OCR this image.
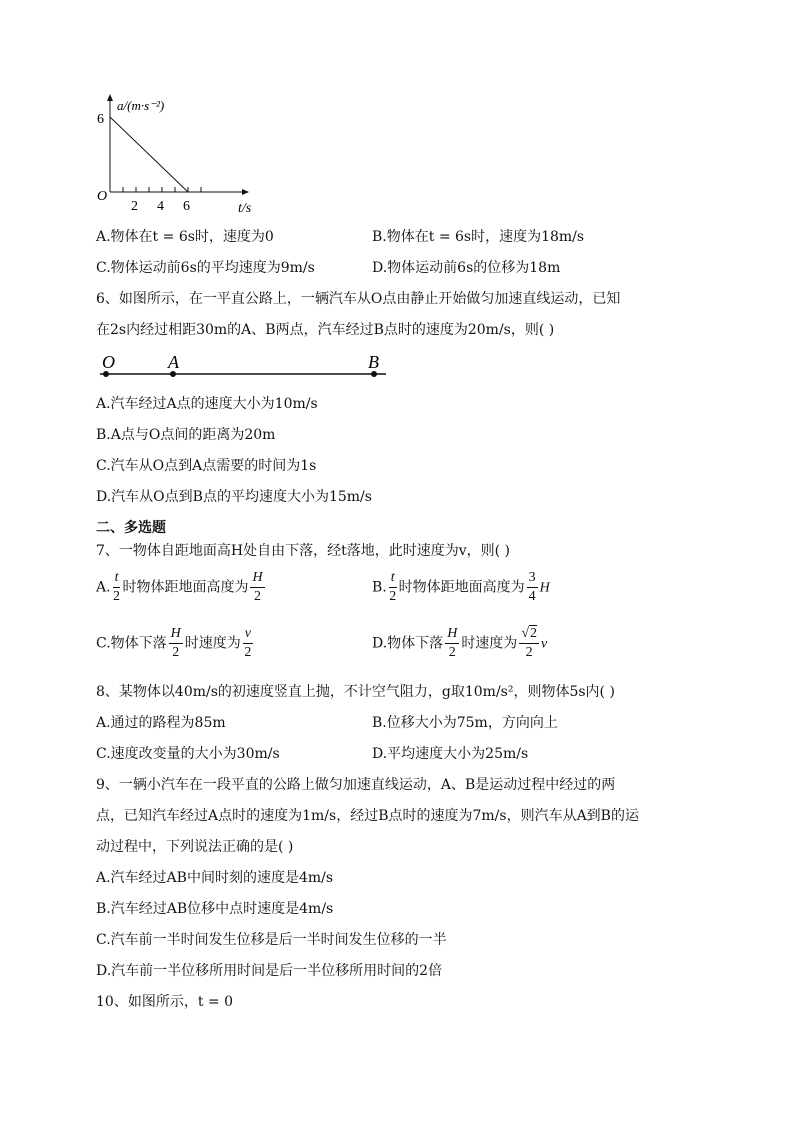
a/(m·s⁻²)
6
O
2 4 6	t/s
A.物体在t = 6s时，速度为0	B.物体在t = 6s时，速度为18m/s
C.物体运动前6s的平均速度为9m/s	D.物体运动前6s的位移为18m
6、如图所示，在一平直公路上，一辆汽车从O点由静止开始做匀加速直线运动，已知
在2s内经过相距30m的A、B两点，汽车经过B点时的速度为20m/s，则( )
O	A	B
A.汽车经过A点的速度大小为10m/s
B.A点与O点间的距离为20m
C.汽车从O点到A点需要的时间为1s
D.汽车从O点到B点的平均速度大小为15m/s
二、多选题
7、一物体自距地面高H处自由下落，经t落地，此时速度为v，则( )
A. $\frac{t}{2}$ 时物体距地面高度为 $\frac{H}{2}$	B. $\frac{t}{2}$ 时物体距地面高度为 $\frac{3}{4}$ H
C.物体下落 $\frac{H}{2}$ 时速度为 $\frac{v}{2}$	D.物体下落 $\frac{H}{2}$ 时速度为 $\frac{√2}{2}$ v
8、某物体以40m/s的初速度竖直上抛，不计空气阻力，g取10m/s²，则物体5s内( )
A.通过的路程为85m	B.位移大小为75m，方向向上
C.速度改变量的大小为30m/s	D.平均速度大小为25m/s
9、一辆小汽车在一段平直的公路上做匀加速直线运动，A、B是运动过程中经过的两
点，已知汽车经过A点时的速度为1m/s，经过B点时的速度为7m/s，则汽车从A到B的运
动过程中，下列说法正确的是( )
A.汽车经过AB中间时刻的速度是4m/s
B.汽车经过AB位移中点时速度是4m/s
C.汽车前一半时间发生位移是后一半时间发生位移的一半
D.汽车前一半位移所用时间是后一半位移所用时间的2倍
10、如图所示，t = 0
